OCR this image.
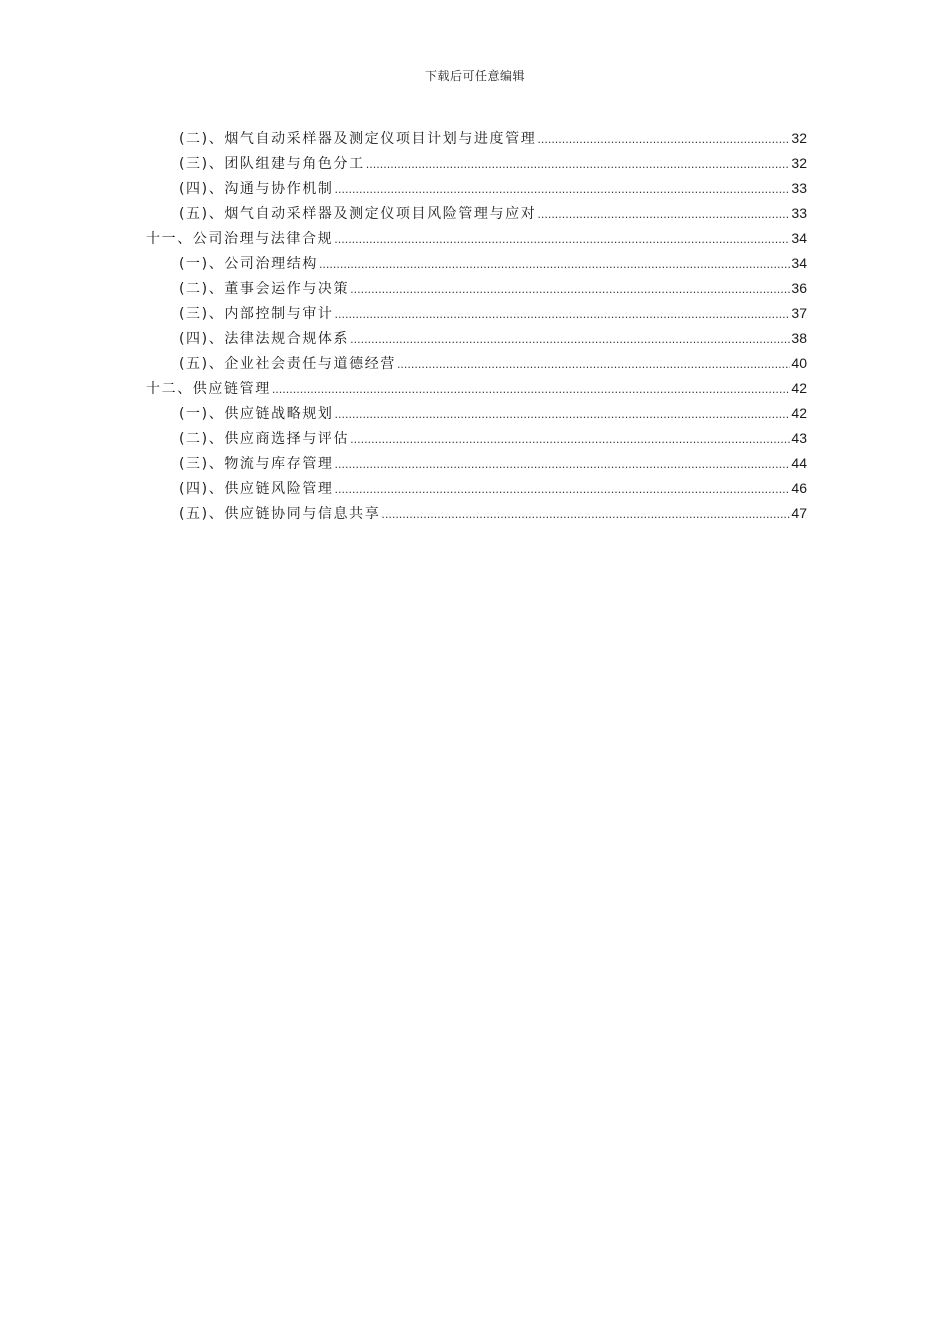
下载后可任意编辑
(二)、烟气自动采样器及测定仪项目计划与进度管理 .....	32
(三)、团队组建与角色分工 .....	32
(四)、沟通与协作机制 .....	33
(五)、烟气自动采样器及测定仪项目风险管理与应对 .....	33
十一、公司治理与法律合规 .....	34
(一)、公司治理结构 .....	34
(二)、董事会运作与决策 .....	36
(三)、内部控制与审计 .....	37
(四)、法律法规合规体系 .....	38
(五)、企业社会责任与道德经营 .....	40
十二、供应链管理 .....	42
(一)、供应链战略规划 .....	42
(二)、供应商选择与评估 .....	43
(三)、物流与库存管理 .....	44
(四)、供应链风险管理 .....	46
(五)、供应链协同与信息共享 .....	47
